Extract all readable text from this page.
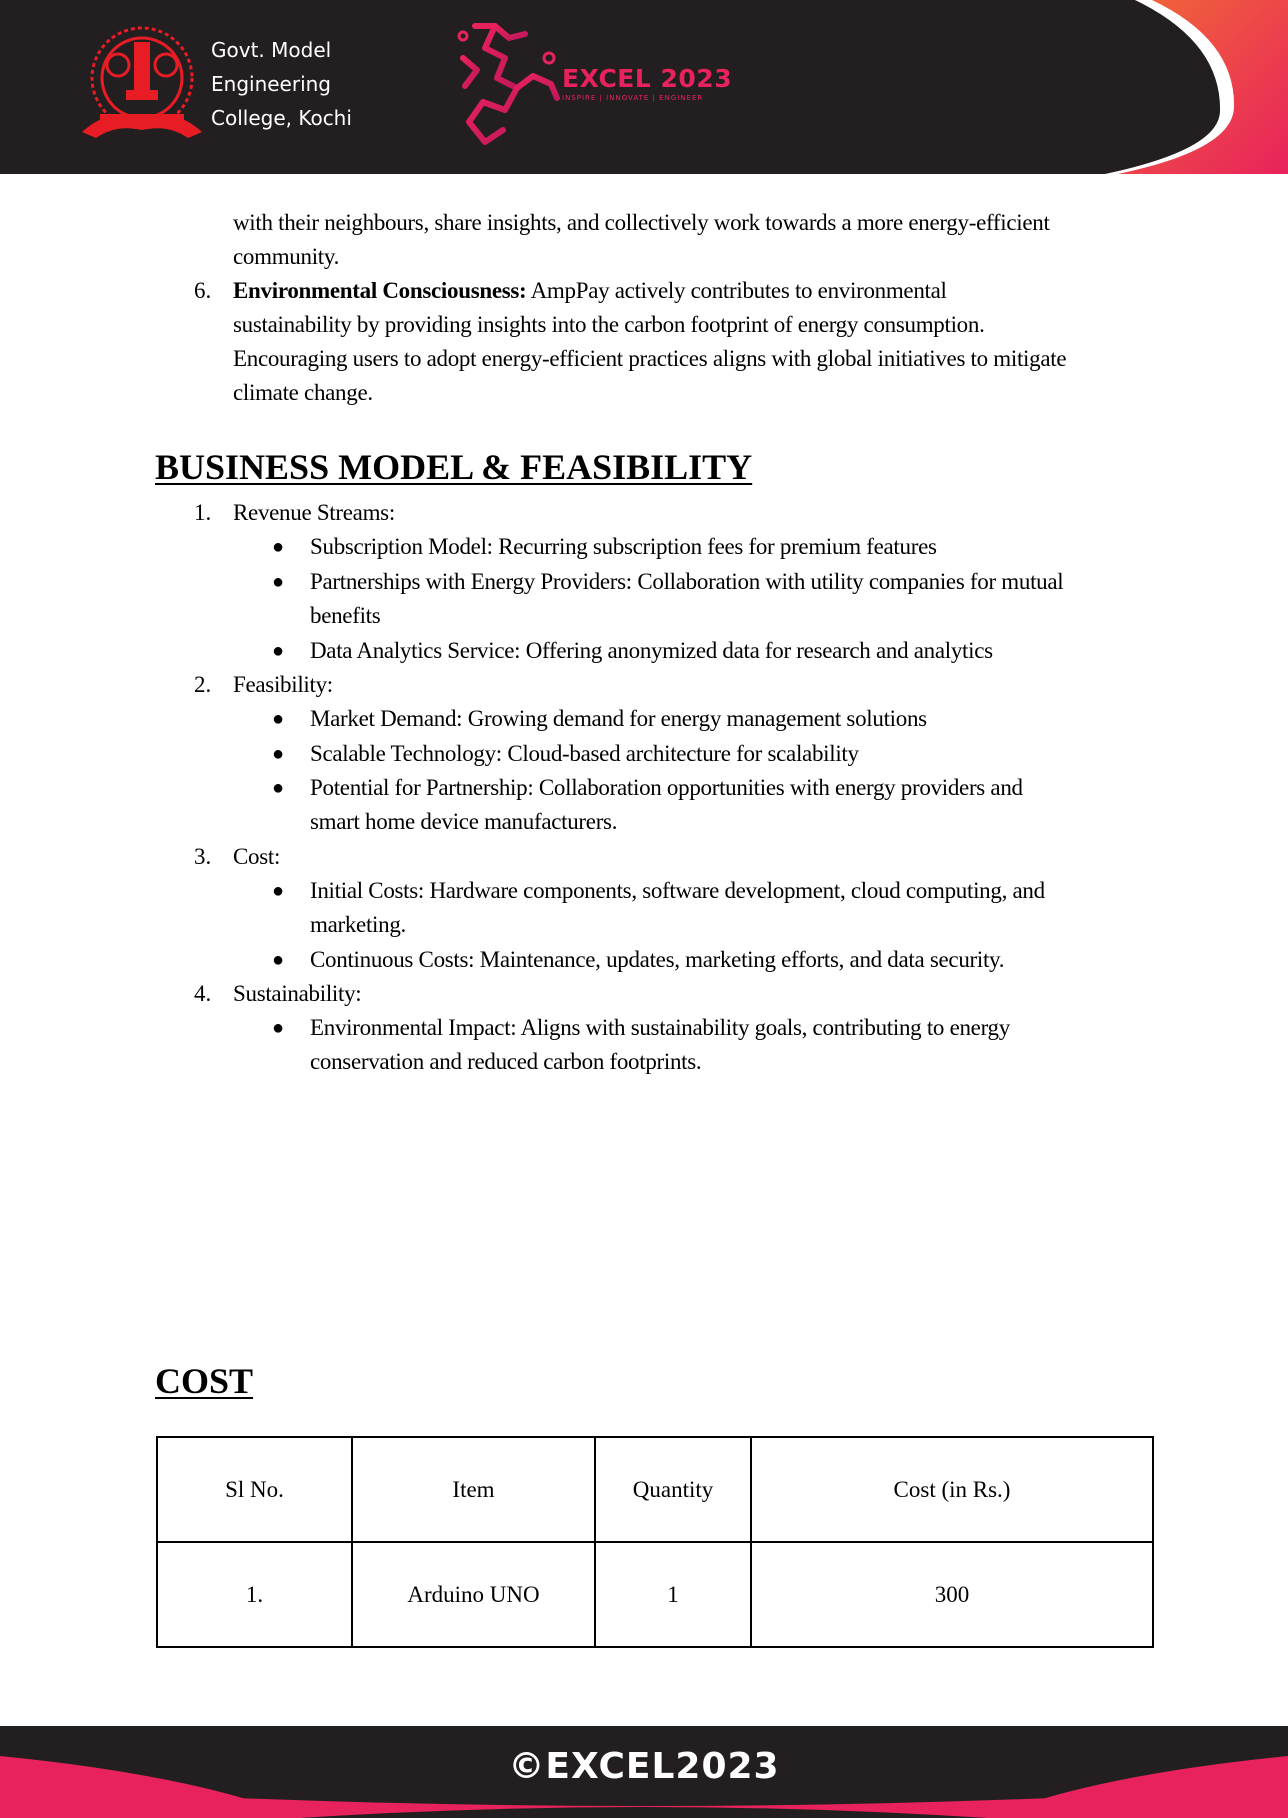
Govt. Model
Engineering
College, Kochi
EXCEL 2023
INSPIRE | INNOVATE | ENGINEER
with their neighbours, share insights, and collectively work towards a more energy-efficient
community.
6. Environmental Consciousness: AmpPay actively contributes to environmental
sustainability by providing insights into the carbon footprint of energy consumption.
Encouraging users to adopt energy-efficient practices aligns with global initiatives to mitigate
climate change.
BUSINESS MODEL & FEASIBILITY
1. Revenue Streams:
● Subscription Model: Recurring subscription fees for premium features
● Partnerships with Energy Providers: Collaboration with utility companies for mutual
benefits
● Data Analytics Service: Offering anonymized data for research and analytics
2. Feasibility:
● Market Demand: Growing demand for energy management solutions
● Scalable Technology: Cloud-based architecture for scalability
● Potential for Partnership: Collaboration opportunities with energy providers and
smart home device manufacturers.
3. Cost:
● Initial Costs: Hardware components, software development, cloud computing, and
marketing.
● Continuous Costs: Maintenance, updates, marketing efforts, and data security.
4. Sustainability:
● Environmental Impact: Aligns with sustainability goals, contributing to energy
conservation and reduced carbon footprints.
COST
Sl No.	Item	Quantity	Cost (in Rs.)
1.	Arduino UNO	1	300
©EXCEL2023
